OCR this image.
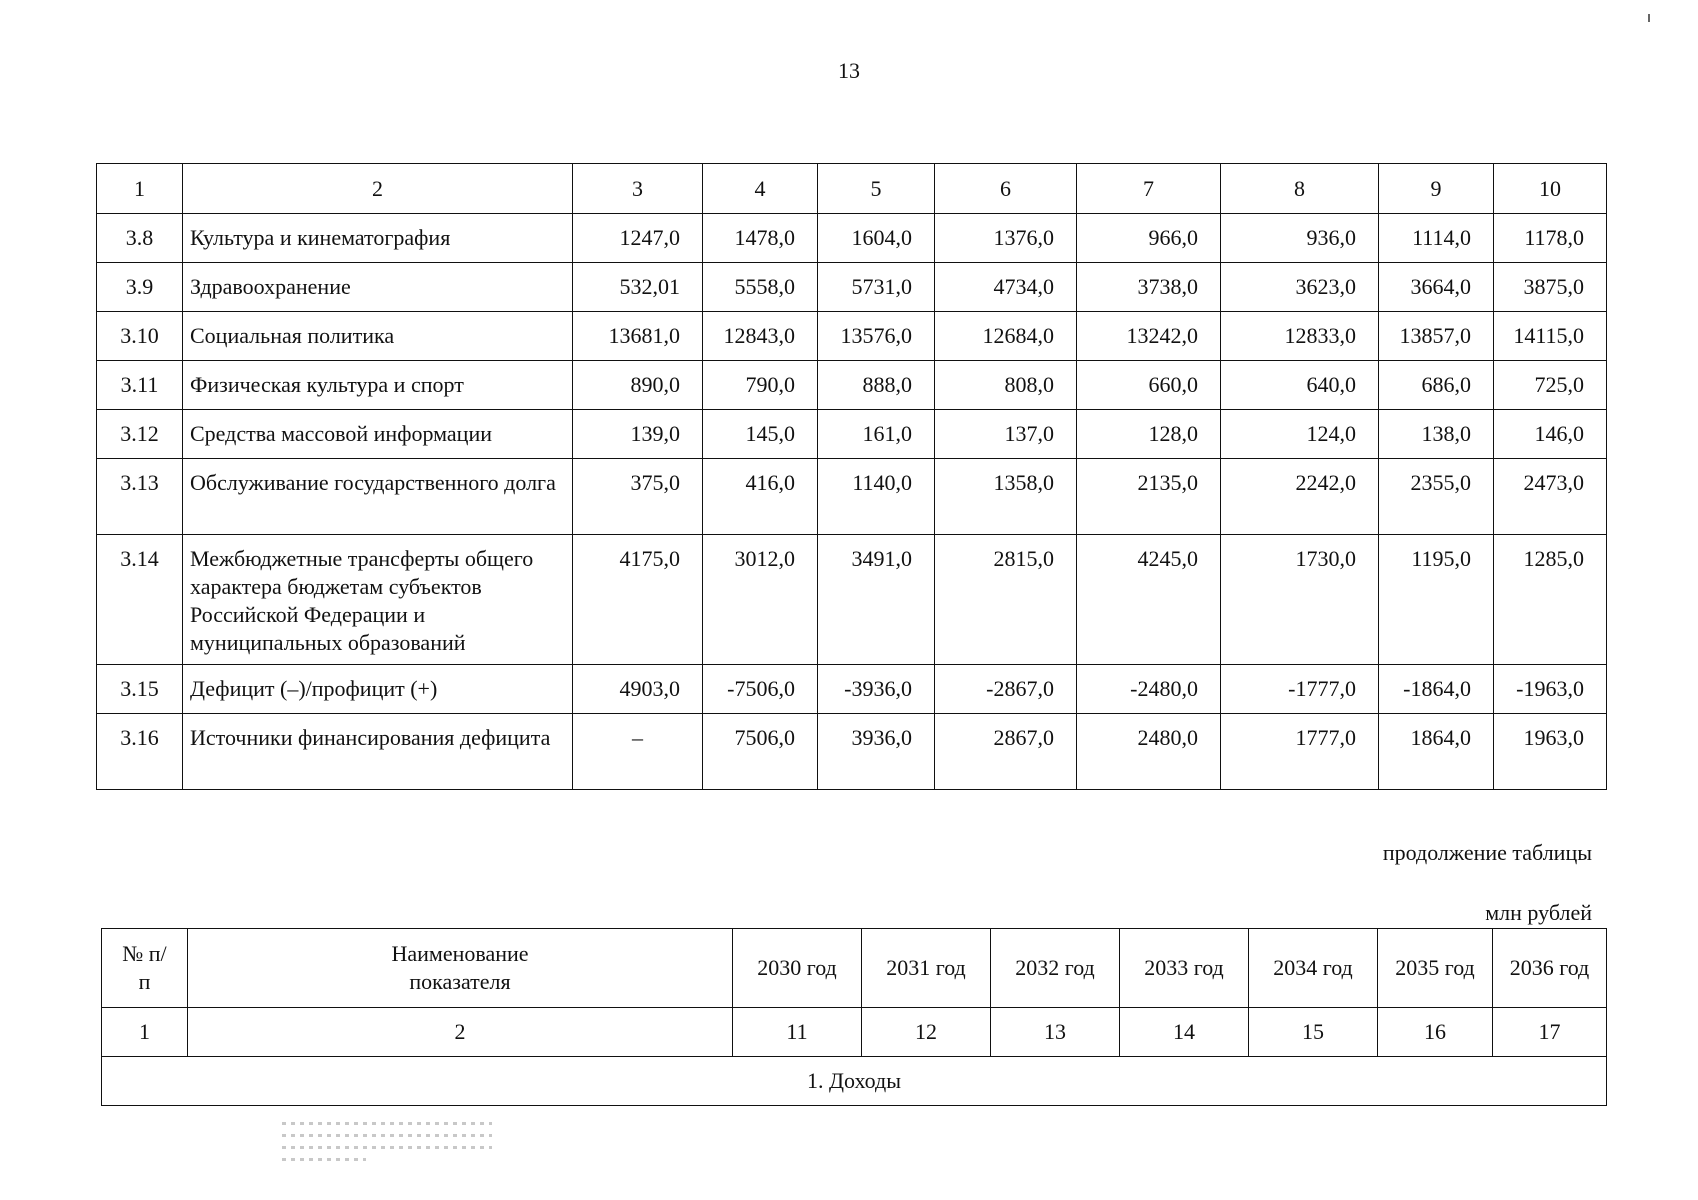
13
1	2	3	4	5	6	7	8	9	10
3.8	Культура и кинематография	1247,0	1478,0	1604,0	1376,0	966,0	936,0	1114,0	1178,0
3.9	Здравоохранение	532,01	5558,0	5731,0	4734,0	3738,0	3623,0	3664,0	3875,0
3.10	Социальная политика	13681,0	12843,0	13576,0	12684,0	13242,0	12833,0	13857,0	14115,0
3.11	Физическая культура и спорт	890,0	790,0	888,0	808,0	660,0	640,0	686,0	725,0
3.12	Средства массовой информации	139,0	145,0	161,0	137,0	128,0	124,0	138,0	146,0
3.13	Обслуживание государственного долга	375,0	416,0	1140,0	1358,0	2135,0	2242,0	2355,0	2473,0
3.14	Межбюджетные трансферты общего характера бюджетам субъектов Российской Федерации и муниципальных образований	4175,0	3012,0	3491,0	2815,0	4245,0	1730,0	1195,0	1285,0
3.15	Дефицит (–)/профицит (+)	4903,0	-7506,0	-3936,0	-2867,0	-2480,0	-1777,0	-1864,0	-1963,0
3.16	Источники финансирования дефицита	–	7506,0	3936,0	2867,0	2480,0	1777,0	1864,0	1963,0
продолжение таблицы
млн рублей
№ п/п	Наименование показателя	2030 год	2031 год	2032 год	2033 год	2034 год	2035 год	2036 год
1	2	11	12	13	14	15	16	17
1. Доходы								
